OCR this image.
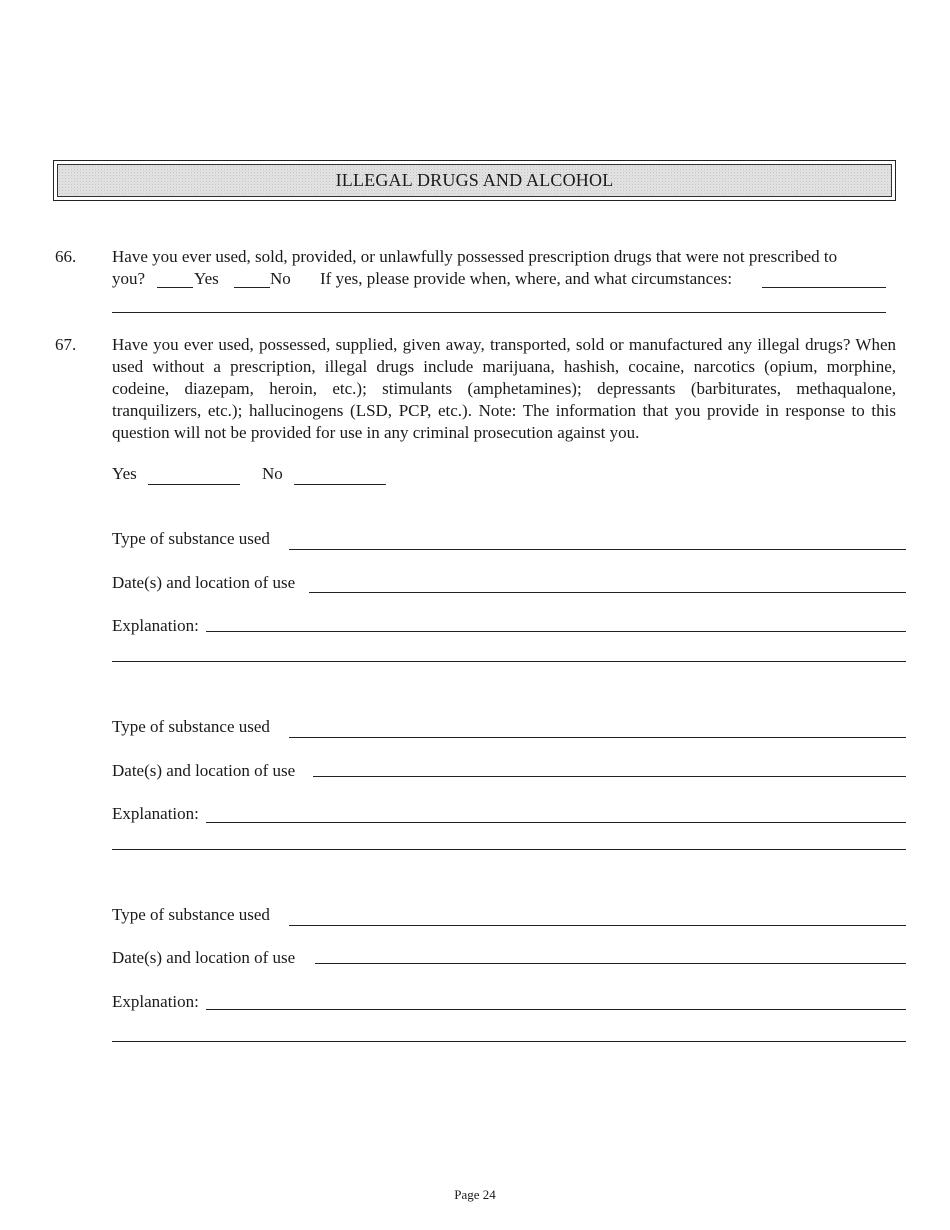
ILLEGAL DRUGS AND ALCOHOL
66. Have you ever used, sold, provided, or unlawfully possessed prescription drugs that were not prescribed to
you?	Yes	No If yes, please provide when, where, and what circumstances:
67. Have you ever used, possessed, supplied, given away, transported, sold or manufactured any illegal drugs? When used without a prescription, illegal drugs include marijuana, hashish, cocaine, narcotics (opium, morphine, codeine, diazepam, heroin, etc.); stimulants (amphetamines); depressants (barbiturates, methaqualone, tranquilizers, etc.); hallucinogens (LSD, PCP, etc.). Note: The information that you provide in response to this question will not be provided for use in any criminal prosecution against you.
Yes	No
Type of substance used
Date(s) and location of use
Explanation:
Type of substance used
Date(s) and location of use
Explanation:
Type of substance used
Date(s) and location of use
Explanation:
Page 24
